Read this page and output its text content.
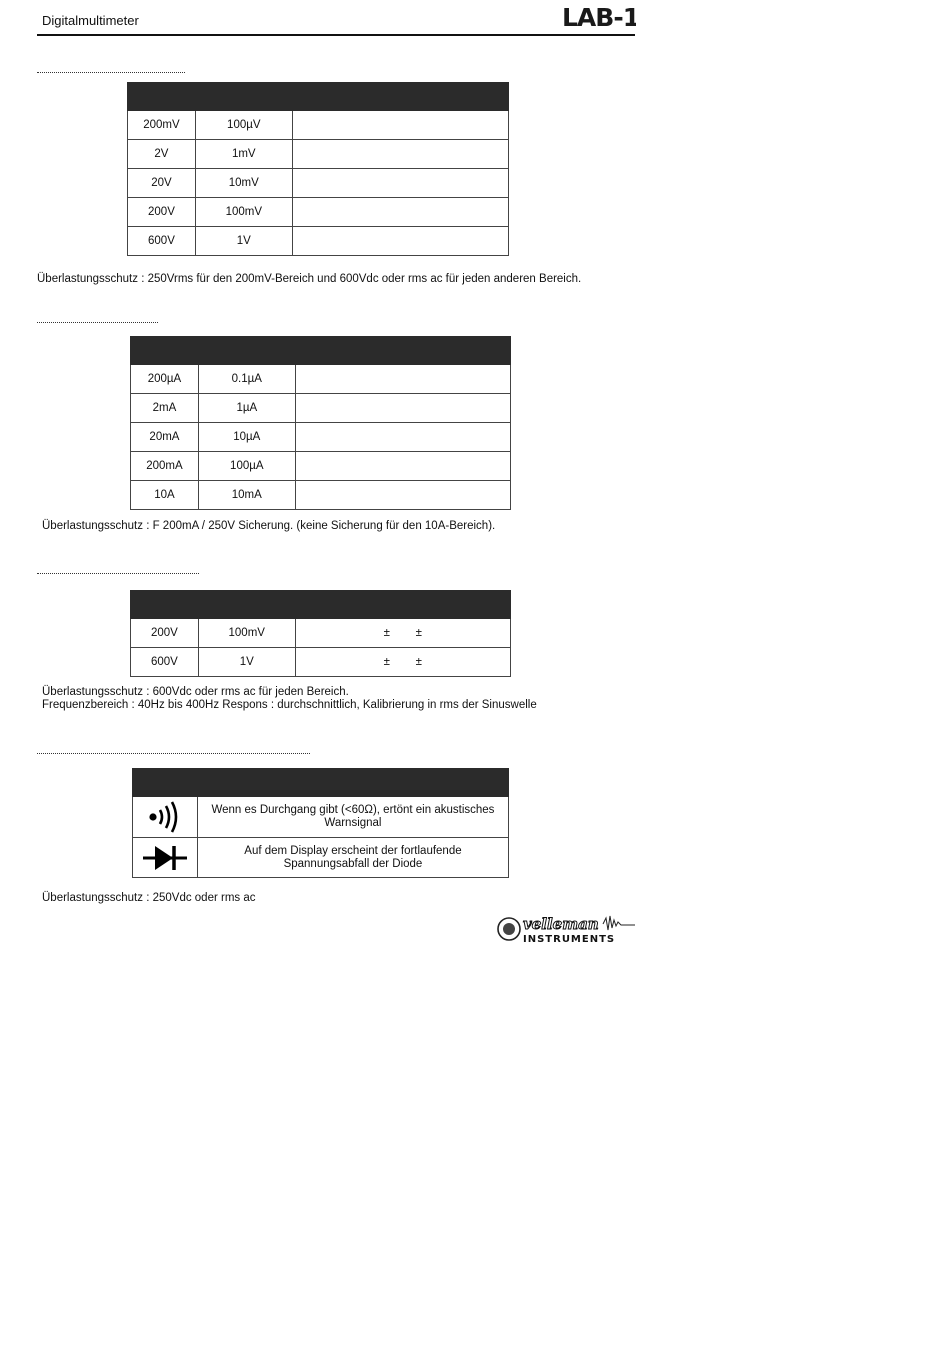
Digitalmultimeter	LAB-1

200mV	100µV	
2V	1mV	
20V	10mV	
200V	100mV	
600V	1V	
Überlastungsschutz : 250Vrms für den 200mV-Bereich und 600Vdc oder rms ac für jeden anderen Bereich.

200µA	0.1µA	
2mA	1µA	
20mA	10µA	
200mA	100µA	
10A	10mA	
Überlastungsschutz : F 200mA / 250V Sicherung. (keine Sicherung für den 10A-Bereich).

200V	100mV	± ±
600V	1V	± ±
Überlastungsschutz : 600Vdc oder rms ac für jeden Bereich.
Frequenzbereich : 40Hz bis 400Hz Respons : durchschnittlich, Kalibrierung in rms der Sinuswelle

Wenn es Durchgang gibt (<60Ω), ertönt ein akustisches
Warnsignal

Auf dem Display erscheint der fortlaufende
Spannungsabfall der Diode
Überlastungsschutz : 250Vdc oder rms ac
velleman
INSTRUMENTS
